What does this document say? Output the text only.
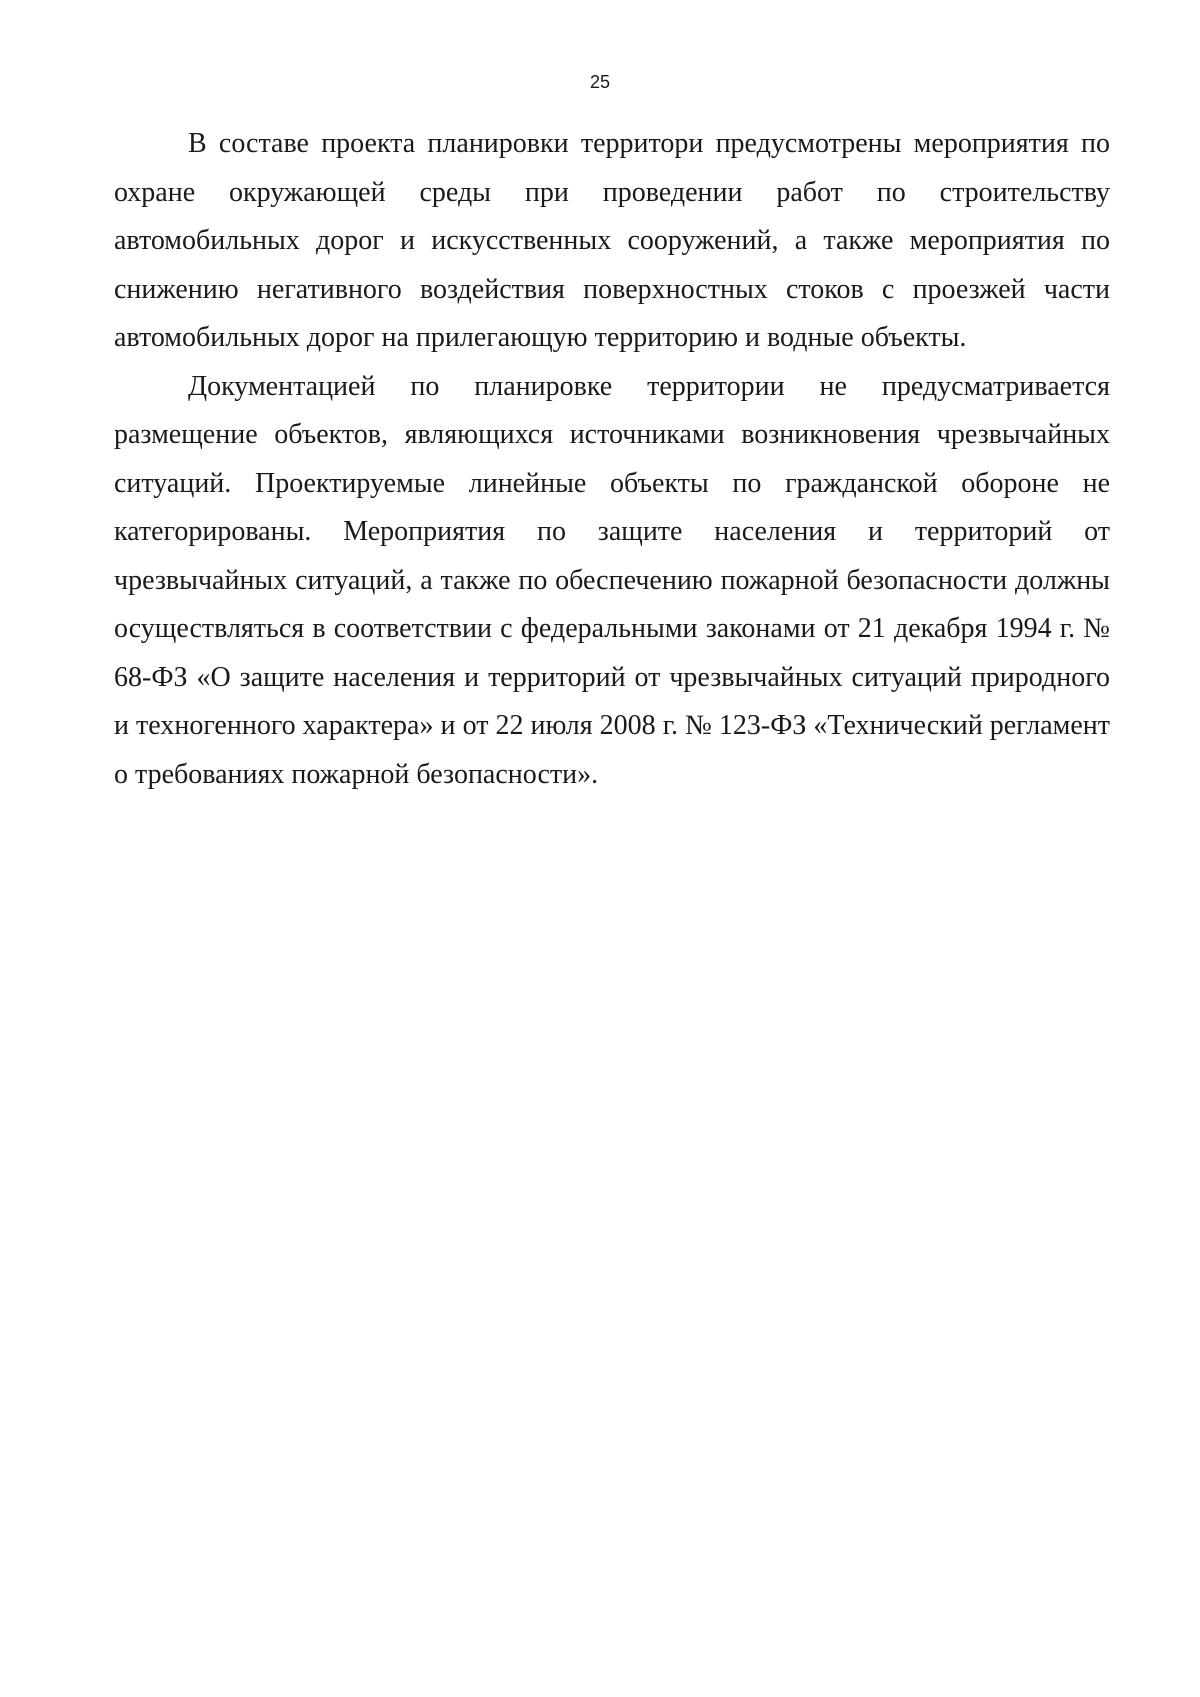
25

В составе проекта планировки территори предусмотрены мероприятия по охране окружающей среды при проведении работ по строительству автомобильных дорог и искусственных сооружений, а также мероприятия по снижению негативного воздействия поверхностных стоков с проезжей части автомобильных дорог на прилегающую территорию и водные объекты.

Документацией по планировке территории не предусматривается размещение объектов, являющихся источниками возникновения чрезвычайных ситуаций. Проектируемые линейные объекты по гражданской обороне не категорированы. Мероприятия по защите населения и территорий от чрезвычайных ситуаций, а также по обеспечению пожарной безопасности должны осуществляться в соответствии с федеральными законами от 21 декабря 1994 г. № 68-ФЗ «О защите населения и территорий от чрезвычайных ситуаций природного и техногенного характера» и от 22 июля 2008 г. № 123-ФЗ «Технический регламент о требованиях пожарной безопасности».
